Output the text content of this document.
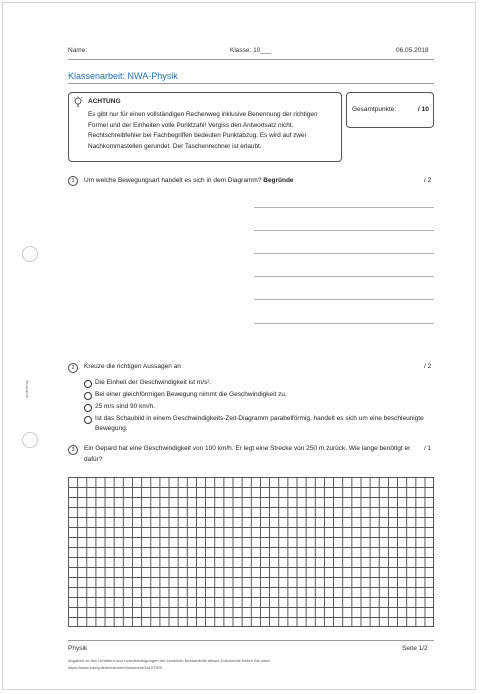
andere/ay
Name:	Klasse: 10___	06.05.2018
Klassenarbeit: NWA-Physik
ACHTUNG
Es gibt nur für einen vollständigen Rechenweg inklusive Benennung der richtigen Formel und der Einheiten volle Punktzahl! Vergiss den Antwortsatz nicht. Rechtschreibfehler bei Fachbegriffen bedeuten Punktabzug. Es wird auf zwei Nachkommastellen gerundet. Der Taschenrechner ist erlaubt.
Gesamtpunkte:	/ 10
1	Um welche Bewegungsart handelt es sich in dem Diagramm? Begründe	/ 2
2	Kreuze die richtigen Aussagen an	/ 2
Die Einheit der Geschwindigkeit ist m/s².
Bei einer gleichförmigen Bewegung nimmt die Geschwindigkeit zu.
25 m/s sind 90 km/h.
Ist das Schaubild in einem Geschwindigkeits-Zeit-Diagramm parabelförmig, handelt es sich um eine beschleunigte Bewegung.
3	Ein Gepard hat eine Geschwindigkeit von 100 km/h. Er legt eine Strecke von 250 m zurück. Wie lange benötigt er dafür?
/ 1
Physik	Seite 1/2
Angaben zu den Urhebern und Lizenzbedingungen der einzelnen Bestandteile dieses Dokuments finden Sie unter
https://www.tutory.de/entdecken/dokument/2a197500
